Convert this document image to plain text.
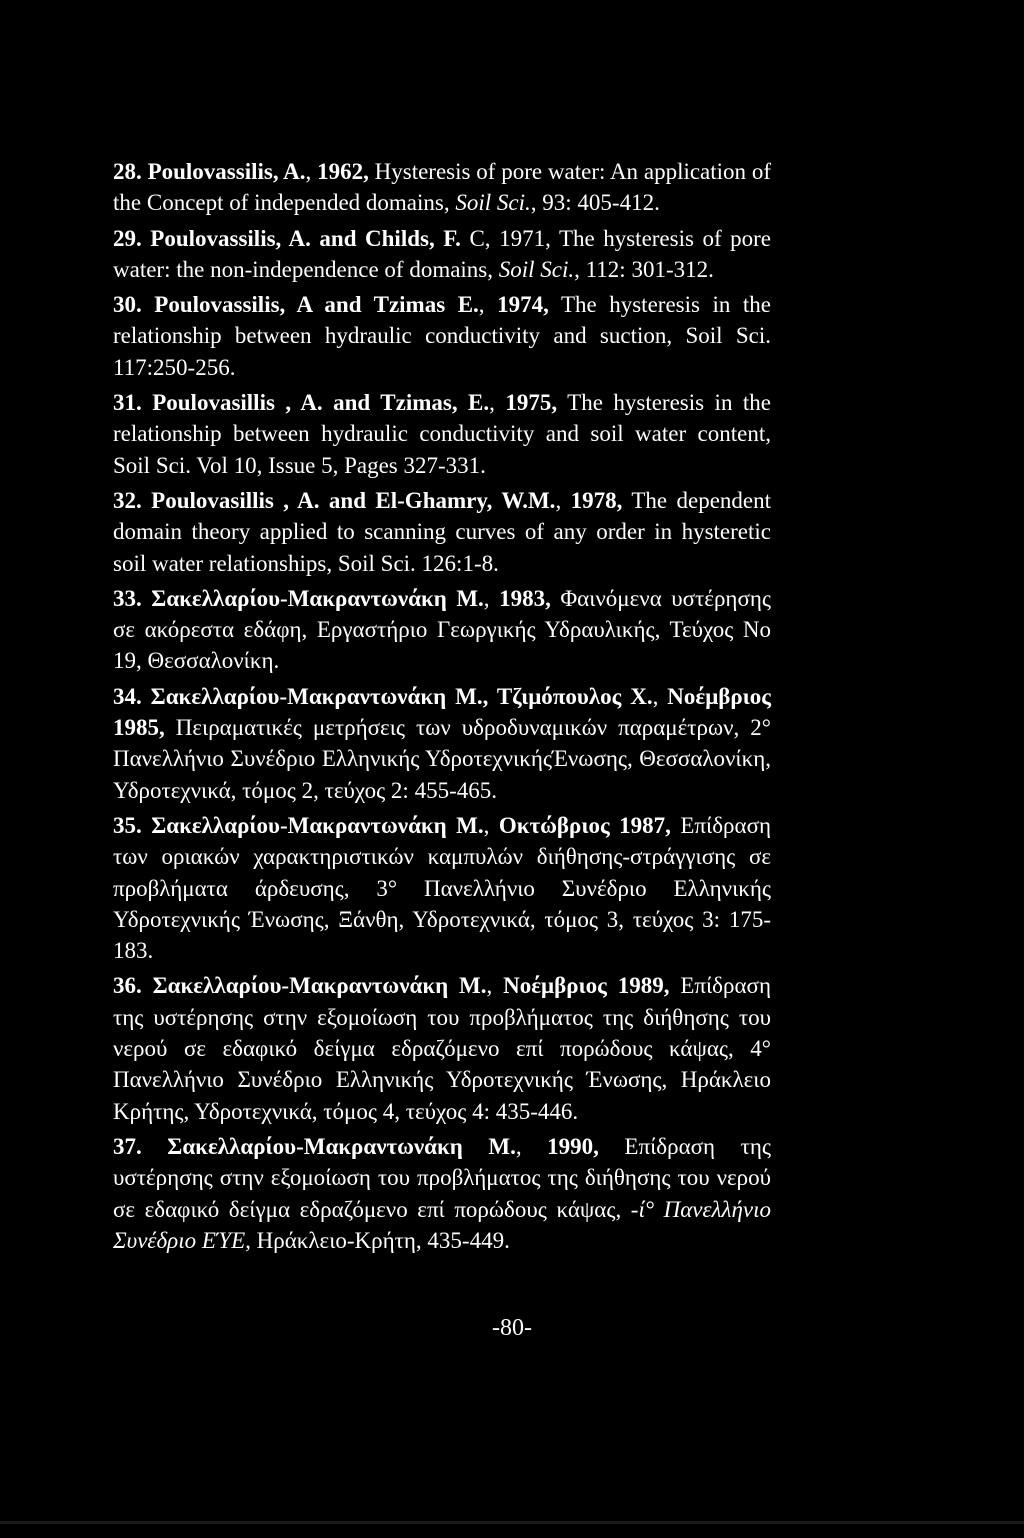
28. Poulovassilis, A., 1962, Hysteresis of pore water: An application of the Concept of independed domains, Soil Sci., 93: 405-412.

29. Poulovassilis, A. and Childs, F. C, 1971, The hysteresis of pore water: the non-independence of domains, Soil Sci., 112: 301-312.

30. Poulovassilis, A and Tzimas E., 1974, The hysteresis in the relationship between hydraulic conductivity and suction, Soil Sci. 117:250-256.

31. Poulovasillis , A. and Tzimas, E., 1975, The hysteresis in the relationship between hydraulic conductivity and soil water content, Soil Sci. Vol 10, Issue 5, Pages 327-331.

32. Poulovasillis , A. and El-Ghamry, W.M., 1978, The dependent domain theory applied to scanning curves of any order in hysteretic soil water relationships, Soil Sci. 126:1-8.

33. Σακελλαρίου-Μακραντωνάκη Μ., 1983, Φαινόμενα υστέρησης σε ακόρεστα εδάφη, Εργαστήριο Γεωργικής Υδραυλικής, Τεύχος Νο 19, Θεσσαλονίκη.

34. Σακελλαρίου-Μακραντωνάκη Μ., Τζιμόπουλος Χ., Νοέμβριος 1985, Πειραματικές μετρήσεις των υδροδυναμικών παραμέτρων, 2° Πανελλήνιο Συνέδριο Ελληνικής ΥδροτεχνικήςΈνωσης, Θεσσαλονίκη, Υδροτεχνικά, τόμος 2, τεύχος 2: 455-465.

35. Σακελλαρίου-Μακραντωνάκη Μ., Οκτώβριος 1987, Επίδραση των οριακών χαρακτηριστικών καμπυλών διήθησης-στράγγισης σε προβλήματα άρδευσης, 3° Πανελλήνιο Συνέδριο Ελληνικής Υδροτεχνικής Ένωσης, Ξάνθη, Υδροτεχνικά, τόμος 3, τεύχος 3: 175-183.

36. Σακελλαρίου-Μακραντωνάκη Μ., Νοέμβριος 1989, Επίδραση της υστέρησης στην εξομοίωση του προβλήματος της διήθησης του νερού σε εδαφικό δείγμα εδραζόμενο επί πορώδους κάψας, 4° Πανελλήνιο Συνέδριο Ελληνικής Υδροτεχνικής Ένωσης, Ηράκλειο Κρήτης, Υδροτεχνικά, τόμος 4, τεύχος 4: 435-446.

37. Σακελλαρίου-Μακραντωνάκη Μ., 1990, Επίδραση της υστέρησης στην εξομοίωση του προβλήματος της διήθησης του νερού σε εδαφικό δείγμα εδραζόμενο επί πορώδους κάψας, -ί° Πανελλήνιο Συνέδριο ΕΎΕ, Ηράκλειο-Κρήτη, 435-449.

-80-
